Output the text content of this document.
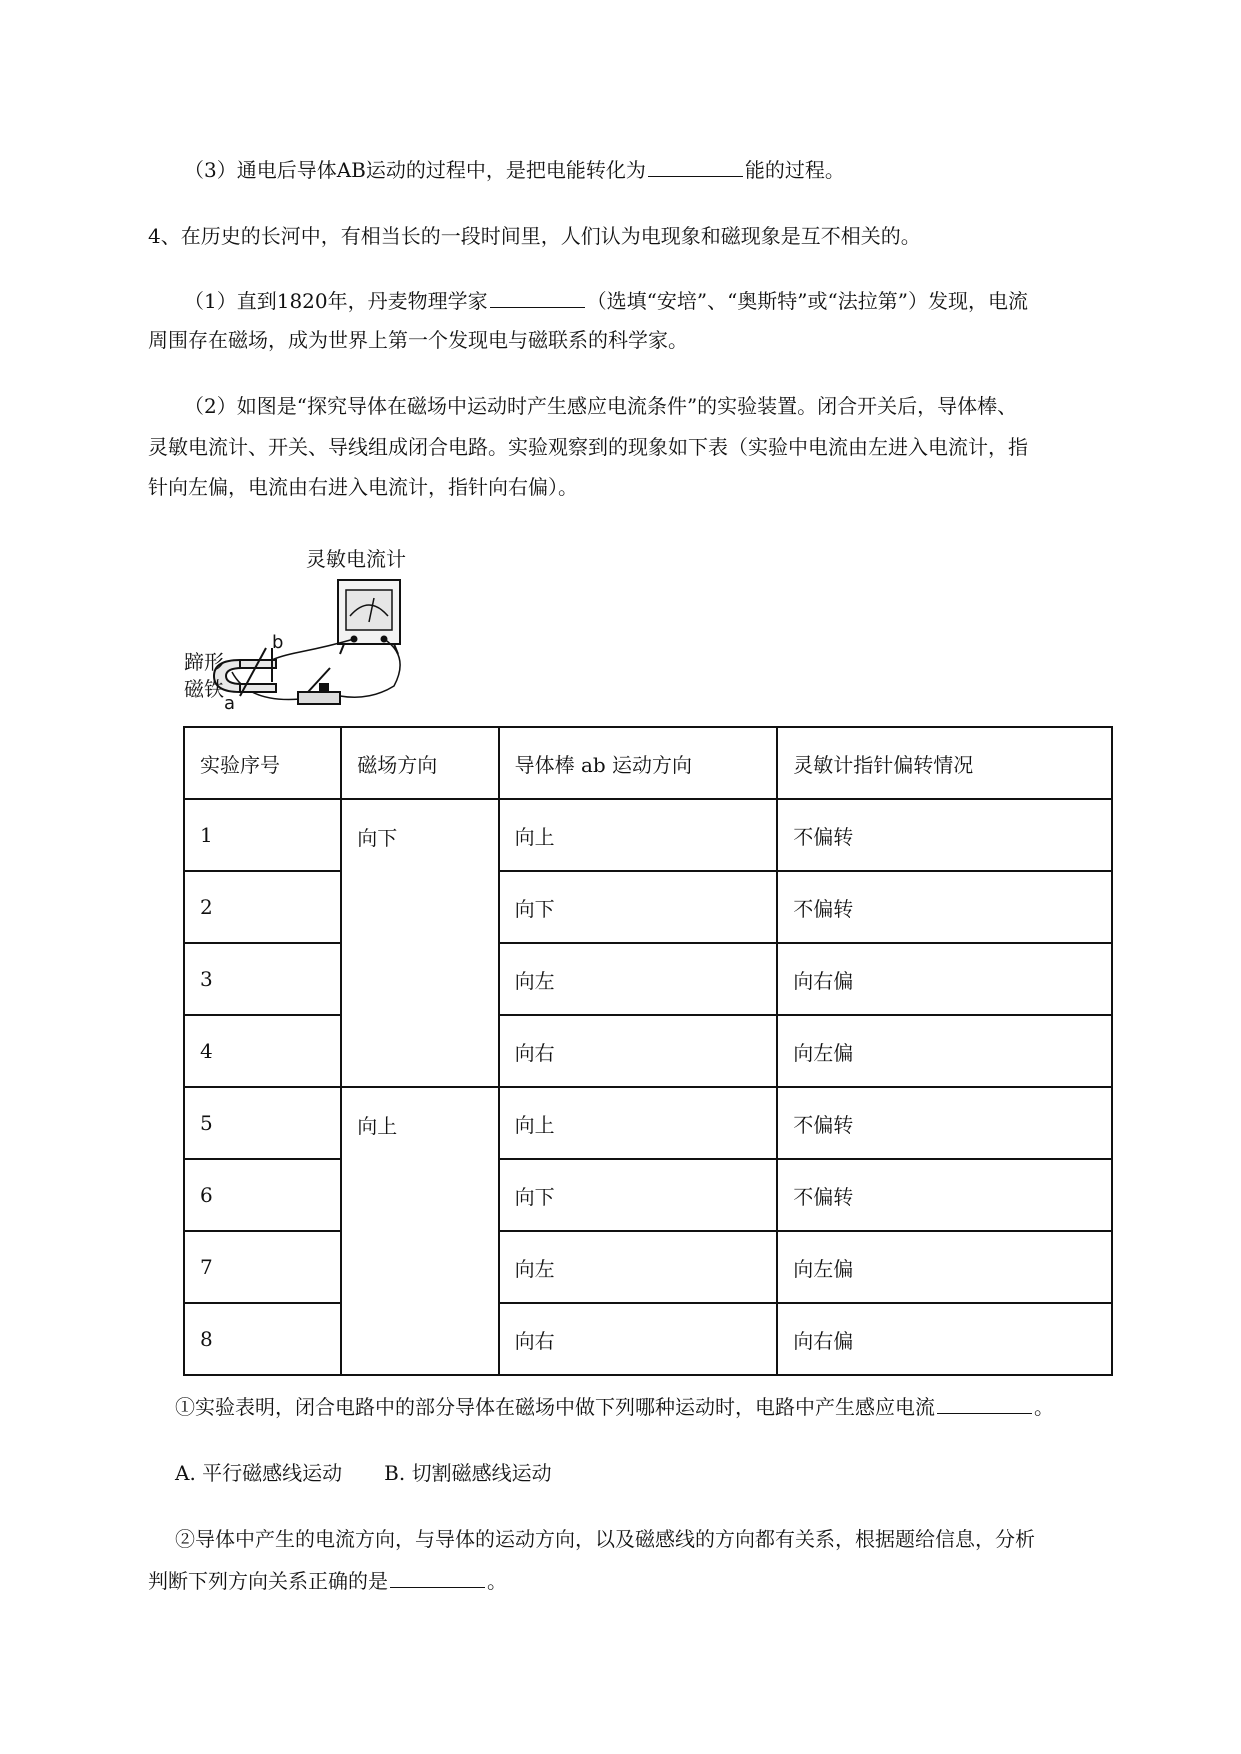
（3）通电后导体AB运动的过程中，是把电能转化为	能的过程。
4、在历史的长河中，有相当长的一段时间里，人们认为电现象和磁现象是互不相关的。
（1）直到1820年，丹麦物理学家	（选填“安培”、“奥斯特”或“法拉第”）发现，电流
周围存在磁场，成为世界上第一个发现电与磁联系的科学家。
（2）如图是“探究导体在磁场中运动时产生感应电流条件”的实验装置。闭合开关后，导体棒、
灵敏电流计、开关、导线组成闭合电路。实验观察到的现象如下表（实验中电流由左进入电流计，指
针向左偏，电流由右进入电流计，指针向右偏）。
灵敏电流计
b
a
蹄形
磁铁
实验序号	磁场方向	导体棒 ab 运动方向	灵敏计指针偏转情况
1	向下	向上	不偏转
2		向下	不偏转
3		向左	向右偏
4		向右	向左偏
5	向上	向上	不偏转
6		向下	不偏转
7		向左	向左偏
8		向右	向右偏
①实验表明，闭合电路中的部分导体在磁场中做下列哪种运动时，电路中产生感应电流	。
A. 平行磁感线运动 B. 切割磁感线运动
②导体中产生的电流方向，与导体的运动方向，以及磁感线的方向都有关系，根据题给信息，分析
判断下列方向关系正确的是	。
